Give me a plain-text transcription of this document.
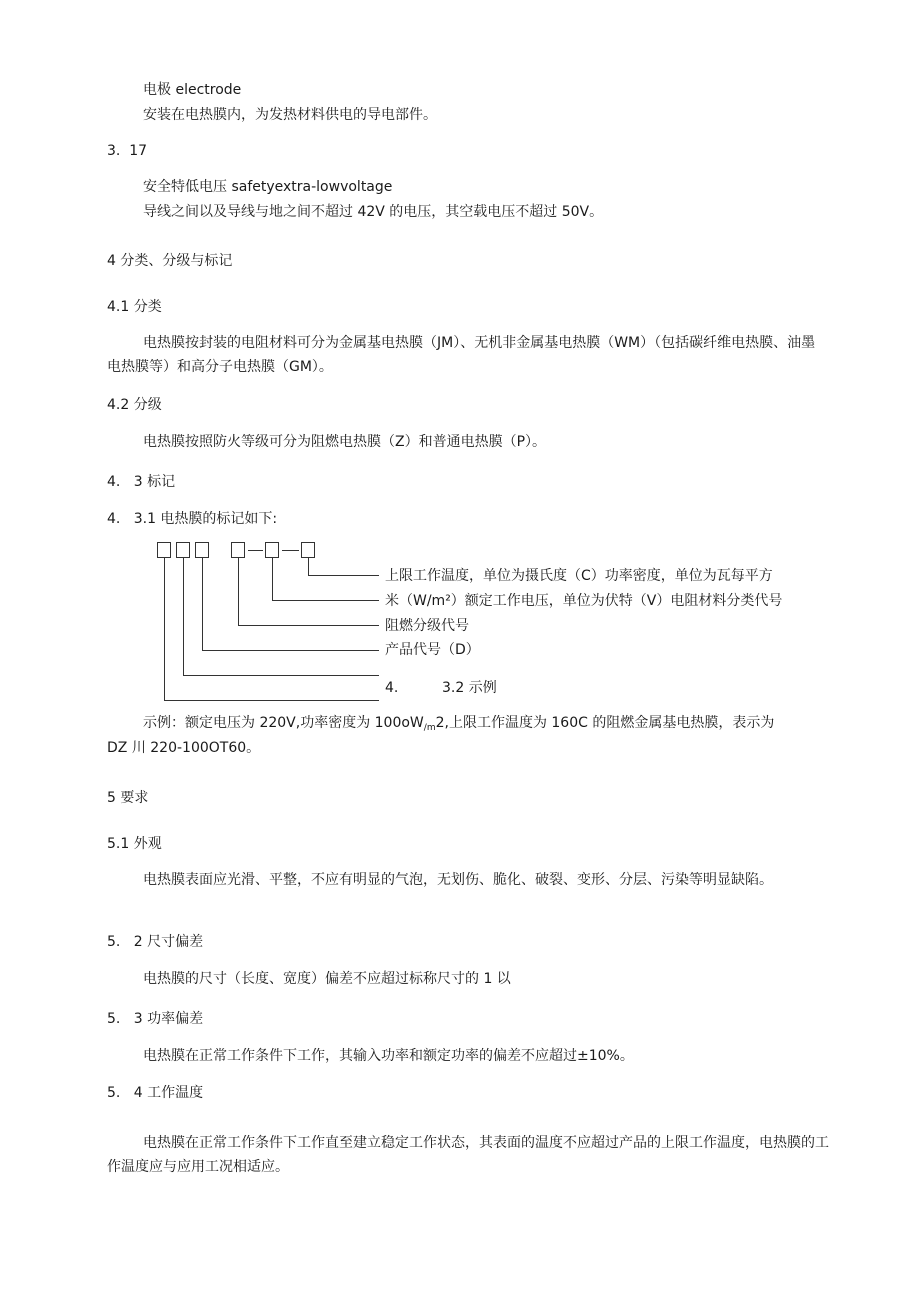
电极 electrode
安装在电热膜内，为发热材料供电的导电部件。
3.  17
安全特低电压 safetyextra-lowvoltage
导线之间以及导线与地之间不超过 42V 的电压，其空载电压不超过 50V。
4 分类、分级与标记
4.1 分类
电热膜按封装的电阻材料可分为金属基电热膜（JM）、无机非金属基电热膜（WM）（包括碳纤维电热膜、油墨电热膜等）和高分子电热膜（GM）。
4.2 分级
电热膜按照防火等级可分为阻燃电热膜（Z）和普通电热膜（P）。
4.   3 标记
4.   3.1 电热膜的标记如下:
上限工作温度，单位为摄氏度（C）功率密度，单位为瓦每平方
米（W/m²）额定工作电压，单位为伏特（V）电阻材料分类代号
阻燃分级代号
产品代号（D）
4.	3.2 示例
示例：额定电压为 220V,功率密度为 $100oW_{/m}2$,上限工作温度为 160C 的阻燃金属基电热膜，表示为
DZ 川 220-100OT60。
5 要求
5.1 外观
电热膜表面应光滑、平整，不应有明显的气泡，无划伤、脆化、破裂、变形、分层、污染等明显缺陷。
5.   2 尺寸偏差
电热膜的尺寸（长度、宽度）偏差不应超过标称尺寸的 1 以
5.   3 功率偏差
电热膜在正常工作条件下工作，其输入功率和额定功率的偏差不应超过±10%。
5.   4 工作温度
电热膜在正常工作条件下工作直至建立稳定工作状态，其表面的温度不应超过产品的上限工作温度，电热膜的工作温度应与应用工况相适应。
